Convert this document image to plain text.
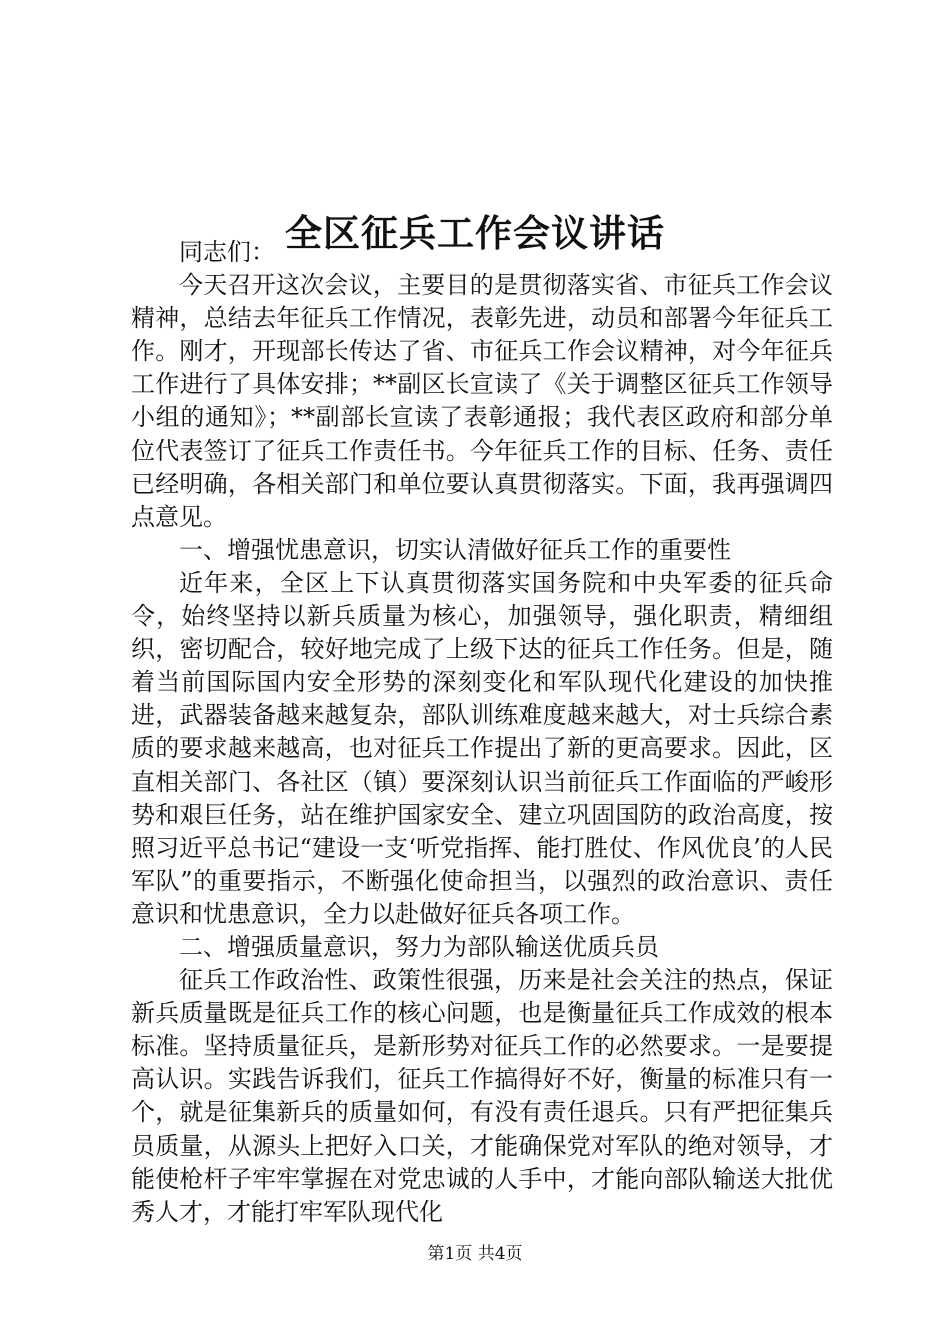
全区征兵工作会议讲话

同志们：

今天召开这次会议，主要目的是贯彻落实省、市征兵工作会议精神，总结去年征兵工作情况，表彰先进，动员和部署今年征兵工作。刚才，开现部长传达了省、市征兵工作会议精神，对今年征兵工作进行了具体安排；**副区长宣读了《关于调整区征兵工作领导小组的通知》；**副部长宣读了表彰通报；我代表区政府和部分单位代表签订了征兵工作责任书。今年征兵工作的目标、任务、责任已经明确，各相关部门和单位要认真贯彻落实。下面，我再强调四点意见。

一、增强忧患意识，切实认清做好征兵工作的重要性

近年来，全区上下认真贯彻落实国务院和中央军委的征兵命令，始终坚持以新兵质量为核心，加强领导，强化职责，精细组织，密切配合，较好地完成了上级下达的征兵工作任务。但是，随着当前国际国内安全形势的深刻变化和军队现代化建设的加快推进，武器装备越来越复杂，部队训练难度越来越大，对士兵综合素质的要求越来越高，也对征兵工作提出了新的更高要求。因此，区直相关部门、各社区（镇）要深刻认识当前征兵工作面临的严峻形势和艰巨任务，站在维护国家安全、建立巩固国防的政治高度，按照习近平总书记“建设一支‘听党指挥、能打胜仗、作风优良’的人民军队”的重要指示，不断强化使命担当，以强烈的政治意识、责任意识和忧患意识，全力以赴做好征兵各项工作。

二、增强质量意识，努力为部队输送优质兵员

征兵工作政治性、政策性很强，历来是社会关注的热点，保证新兵质量既是征兵工作的核心问题，也是衡量征兵工作成效的根本标准。坚持质量征兵，是新形势对征兵工作的必然要求。一是要提高认识。实践告诉我们，征兵工作搞得好不好，衡量的标准只有一个，就是征集新兵的质量如何，有没有责任退兵。只有严把征集兵员质量，从源头上把好入口关，才能确保党对军队的绝对领导，才能使枪杆子牢牢掌握在对党忠诚的人手中，才能向部队输送大批优秀人才，才能打牢军队现代化

第1页 共4页
